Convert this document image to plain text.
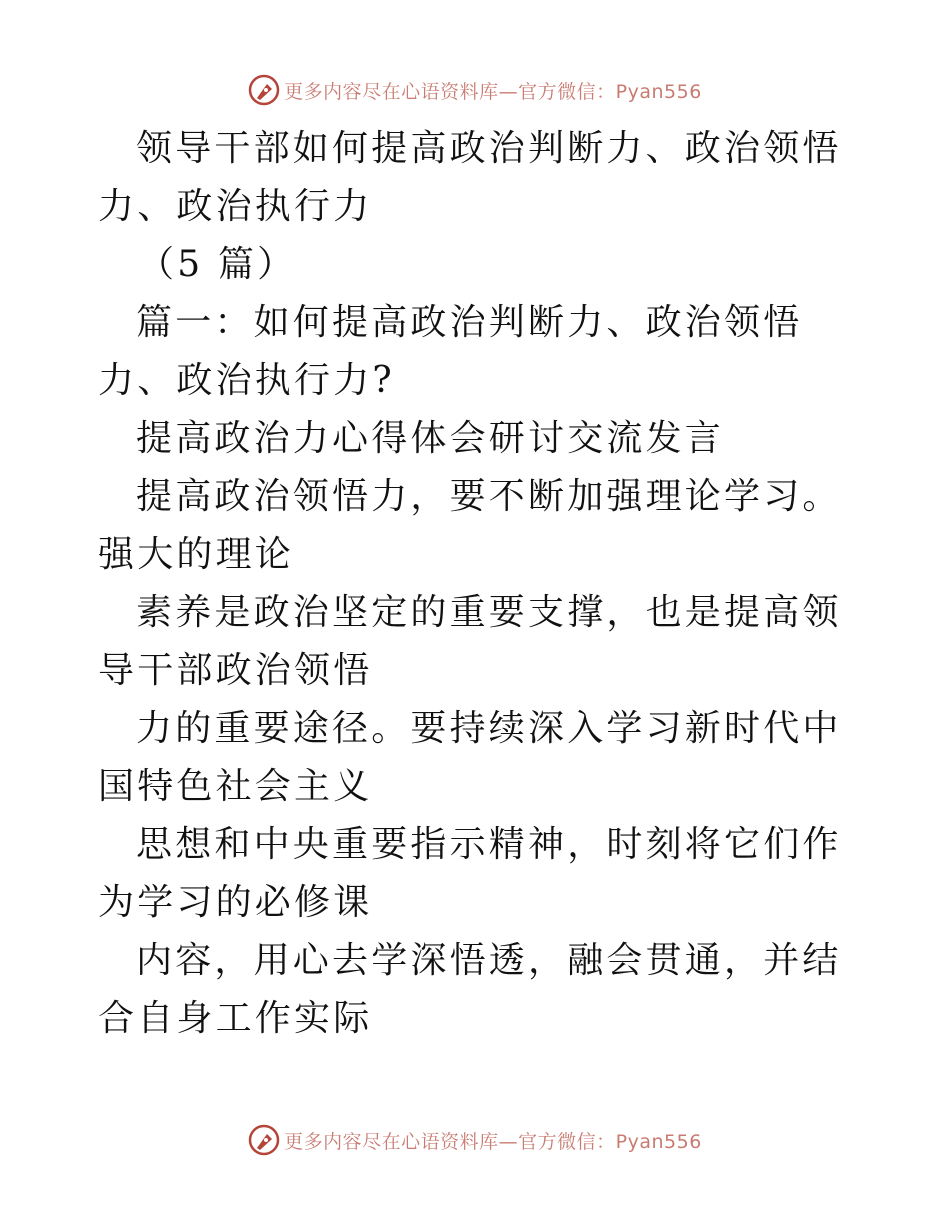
更多内容尽在心语资料库—官方微信：Pyan556

领导干部如何提高政治判断力、政治领悟力、政治执行力

（5 篇）

篇一：如何提高政治判断力、政治领悟力、政治执行力?

提高政治力心得体会研讨交流发言

提高政治领悟力，要不断加强理论学习。强大的理论

素养是政治坚定的重要支撑，也是提高领导干部政治领悟

力的重要途径。要持续深入学习新时代中国特色社会主义

思想和中央重要指示精神，时刻将它们作为学习的必修课

内容，用心去学深悟透，融会贯通，并结合自身工作实际

更多内容尽在心语资料库—官方微信：Pyan556
